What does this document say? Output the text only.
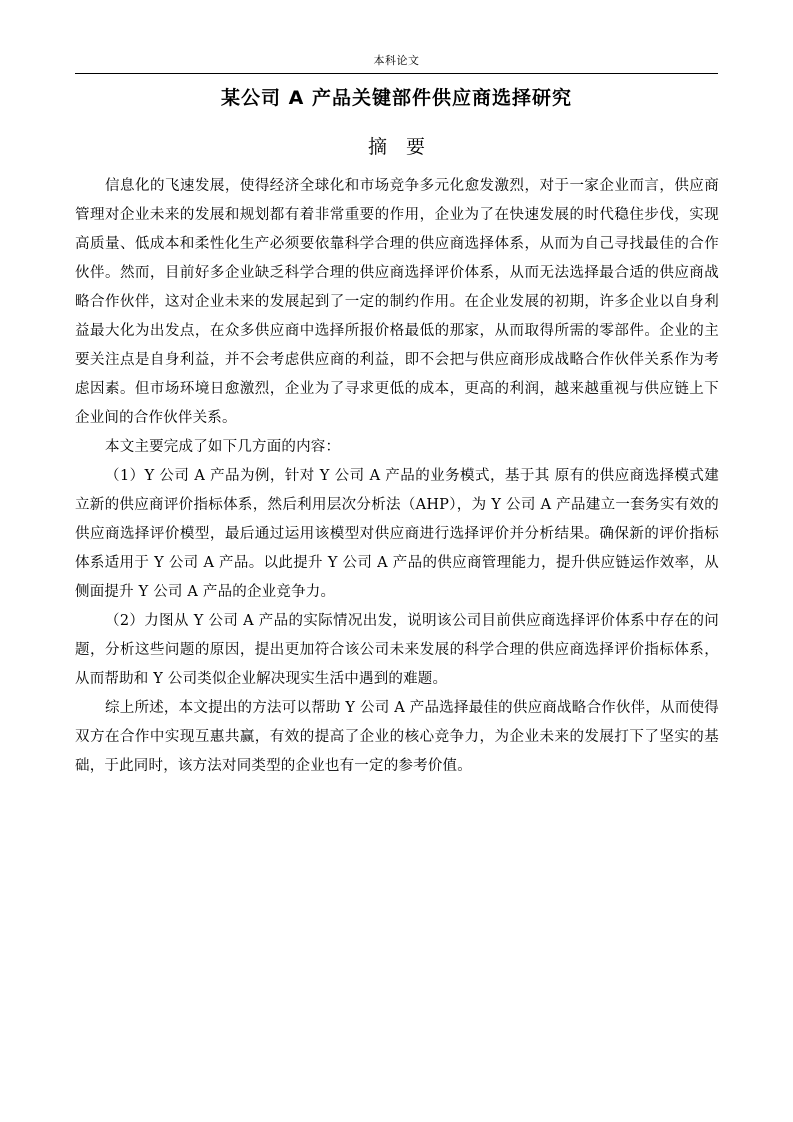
本科论文
某公司 A 产品关键部件供应商选择研究
摘　要

信息化的飞速发展，使得经济全球化和市场竞争多元化愈发激烈，对于一家企业而言，供应商管理对企业未来的发展和规划都有着非常重要的作用，企业为了在快速发展的时代稳住步伐，实现高质量、低成本和柔性化生产必须要依靠科学合理的供应商选择体系，从而为自己寻找最佳的合作伙伴。然而，目前好多企业缺乏科学合理的供应商选择评价体系，从而无法选择最合适的供应商战略合作伙伴，这对企业未来的发展起到了一定的制约作用。在企业发展的初期，许多企业以自身利益最大化为出发点，在众多供应商中选择所报价格最低的那家，从而取得所需的零部件。企业的主要关注点是自身利益，并不会考虑供应商的利益，即不会把与供应商形成战略合作伙伴关系作为考虑因素。但市场环境日愈激烈，企业为了寻求更低的成本，更高的利润，越来越重视与供应链上下企业间的合作伙伴关系。

本文主要完成了如下几方面的内容：

（1）Y 公司 A 产品为例，针对 Y 公司 A 产品的业务模式，基于其 原有的供应商选择模式建立新的供应商评价指标体系，然后利用层次分析法（AHP），为 Y 公司 A 产品建立一套务实有效的供应商选择评价模型，最后通过运用该模型对供应商进行选择评价并分析结果。确保新的评价指标体系适用于 Y 公司 A 产品。以此提升 Y 公司 A 产品的供应商管理能力，提升供应链运作效率，从侧面提升 Y 公司 A 产品的企业竞争力。

（2）力图从 Y 公司 A 产品的实际情况出发，说明该公司目前供应商选择评价体系中存在的问题，分析这些问题的原因，提出更加符合该公司未来发展的科学合理的供应商选择评价指标体系，从而帮助和 Y 公司类似企业解决现实生活中遇到的难题。

综上所述，本文提出的方法可以帮助 Y 公司 A 产品选择最佳的供应商战略合作伙伴，从而使得双方在合作中实现互惠共赢，有效的提高了企业的核心竞争力，为企业未来的发展打下了坚实的基础，于此同时，该方法对同类型的企业也有一定的参考价值。
